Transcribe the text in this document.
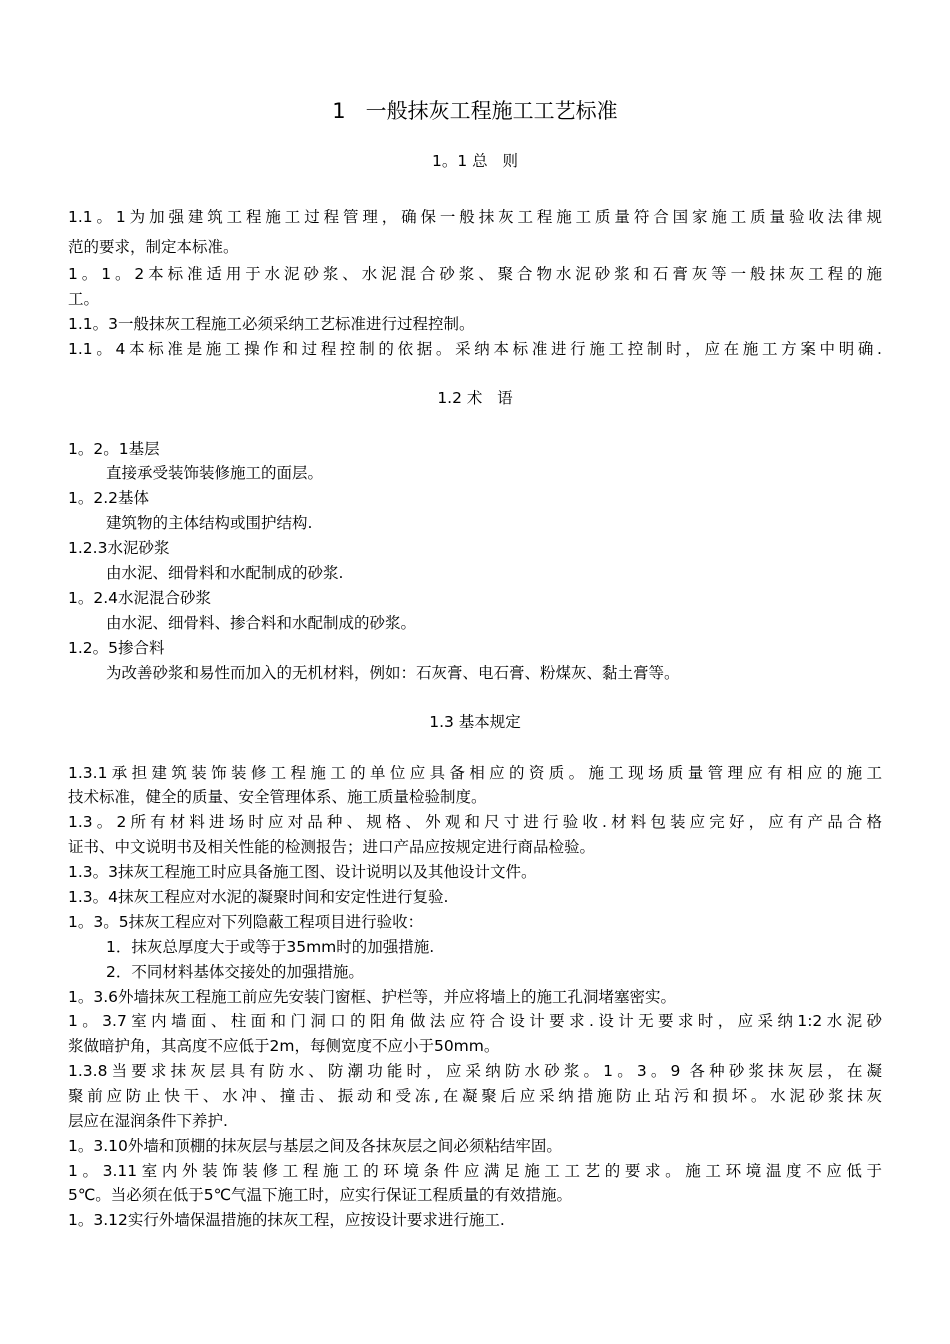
1   一般抹灰工程施工工艺标准
1。1 总   则

1.1。1为加强建筑工程施工过程管理，确保一般抹灰工程施工质量符合国家施工质量验收法律规

范的要求，制定本标准。

1。1。2本标准适用于水泥砂浆、水泥混合砂浆、聚合物水泥砂浆和石膏灰等一般抹灰工程的施

工。

1.1。3一般抹灰工程施工必须采纳工艺标准进行过程控制。

1.1。4本标准是施工操作和过程控制的依据。采纳本标准进行施工控制时，应在施工方案中明确.

1.2 术   语

1。2。1基层

直接承受装饰装修施工的面层。

1。2.2基体

建筑物的主体结构或围护结构.

1.2.3水泥砂浆

由水泥、细骨料和水配制成的砂浆.

1。2.4水泥混合砂浆

由水泥、细骨料、掺合料和水配制成的砂浆。

1.2。5掺合料

为改善砂浆和易性而加入的无机材料，例如：石灰膏、电石膏、粉煤灰、黏土膏等。

1.3 基本规定

1.3.1承担建筑装饰装修工程施工的单位应具备相应的资质。施工现场质量管理应有相应的施工

技术标准，健全的质量、安全管理体系、施工质量检验制度。

1.3。2所有材料进场时应对品种、规格、外观和尺寸进行验收.材料包装应完好，应有产品合格

证书、中文说明书及相关性能的检测报告；进口产品应按规定进行商品检验。

1.3。3抹灰工程施工时应具备施工图、设计说明以及其他设计文件。

1.3。4抹灰工程应对水泥的凝聚时间和安定性进行复验.

1。3。5抹灰工程应对下列隐蔽工程项目进行验收：

1．抹灰总厚度大于或等于35mm时的加强措施.

2．不同材料基体交接处的加强措施。

1。3.6外墙抹灰工程施工前应先安装门窗框、护栏等，并应将墙上的施工孔洞堵塞密实。

1。3.7室内墙面、柱面和门洞口的阳角做法应符合设计要求.设计无要求时，应采纳1:2水泥砂

浆做暗护角，其高度不应低于2m，每侧宽度不应小于50mm。

1.3.8当要求抹灰层具有防水、防潮功能时，应采纳防水砂浆。1。3。9 各种砂浆抹灰层，在凝

聚前应防止快干、水冲、撞击、振动和受冻,在凝聚后应采纳措施防止玷污和损坏。水泥砂浆抹灰

层应在湿润条件下养护.

1。3.10外墙和顶棚的抹灰层与基层之间及各抹灰层之间必须粘结牢固。

1。3.11室内外装饰装修工程施工的环境条件应满足施工工艺的要求。施工环境温度不应低于

5℃。当必须在低于5℃气温下施工时，应实行保证工程质量的有效措施。

1。3.12实行外墙保温措施的抹灰工程，应按设计要求进行施工.
